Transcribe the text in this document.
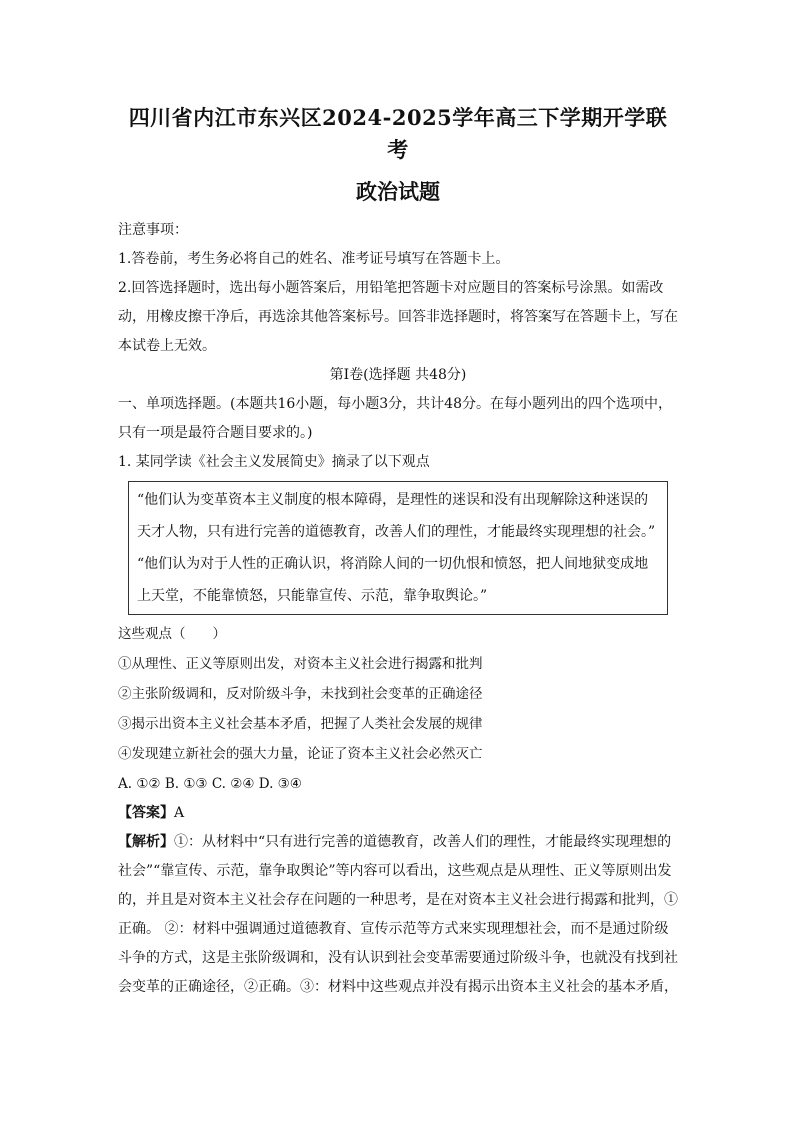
四川省内江市东兴区2024-2025学年高三下学期开学联考
政治试题

注意事项：

1.答卷前，考生务必将自己的姓名、准考证号填写在答题卡上。

2.回答选择题时，选出每小题答案后，用铅笔把答题卡对应题目的答案标号涂黑。如需改动，用橡皮擦干净后，再选涂其他答案标号。回答非选择题时，将答案写在答题卡上，写在本试卷上无效。

第Ⅰ卷(选择题 共48分)

一、单项选择题。(本题共16小题，每小题3分，共计48分。在每小题列出的四个选项中，只有一项是最符合题目要求的。)

1. 某同学读《社会主义发展简史》摘录了以下观点

“他们认为变革资本主义制度的根本障碍，是理性的迷误和没有出现解除这种迷误的天才人物，只有进行完善的道德教育，改善人们的理性，才能最终实现理想的社会。”

“他们认为对于人性的正确认识，将消除人间的一切仇恨和愤怒，把人间地狱变成地上天堂，不能靠愤怒，只能靠宣传、示范，靠争取舆论。”

这些观点（　　）

①从理性、正义等原则出发，对资本主义社会进行揭露和批判

②主张阶级调和，反对阶级斗争，未找到社会变革的正确途径

③揭示出资本主义社会基本矛盾，把握了人类社会发展的规律

④发现建立新社会的强大力量，论证了资本主义社会必然灭亡

A. ①② B. ①③ C. ②④ D. ③④

【答案】A

【解析】①：从材料中“只有进行完善的道德教育，改善人们的理性，才能最终实现理想的社会”“靠宣传、示范，靠争取舆论”等内容可以看出，这些观点是从理性、正义等原则出发的，并且是对资本主义社会存在问题的一种思考，是在对资本主义社会进行揭露和批判，①正确。 ②：材料中强调通过道德教育、宣传示范等方式来实现理想社会，而不是通过阶级斗争的方式，这是主张阶级调和，没有认识到社会变革需要通过阶级斗争，也就没有找到社会变革的正确途径，②正确。③：材料中这些观点并没有揭示出资本主义社会的基本矛盾，
